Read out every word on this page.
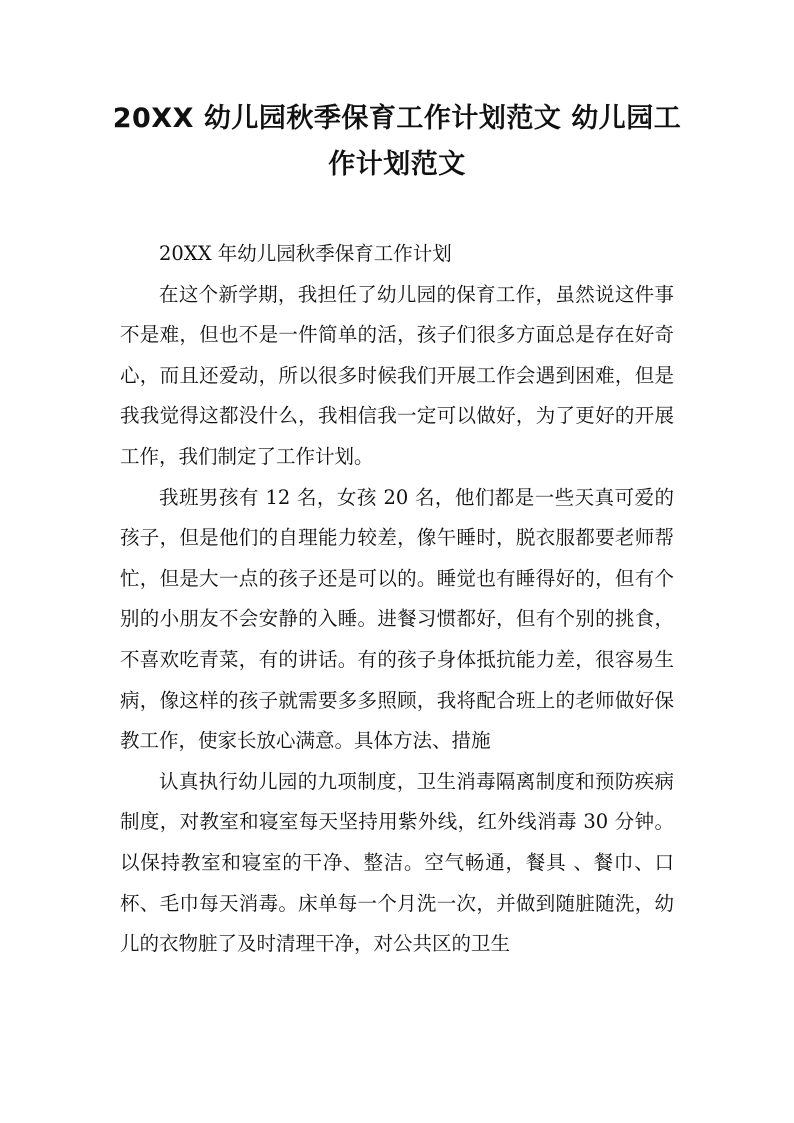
20XX 幼儿园秋季保育工作计划范文 幼儿园工作计划范文

20XX 年幼儿园秋季保育工作计划

在这个新学期，我担任了幼儿园的保育工作，虽然说这件事不是难，但也不是一件简单的活，孩子们很多方面总是存在好奇心，而且还爱动，所以很多时候我们开展工作会遇到困难，但是我我觉得这都没什么，我相信我一定可以做好，为了更好的开展工作，我们制定了工作计划。

我班男孩有 12 名，女孩 20 名，他们都是一些天真可爱的孩子，但是他们的自理能力较差，像午睡时，脱衣服都要老师帮忙，但是大一点的孩子还是可以的。睡觉也有睡得好的，但有个别的小朋友不会安静的入睡。进餐习惯都好，但有个别的挑食，不喜欢吃青菜，有的讲话。有的孩子身体抵抗能力差，很容易生病，像这样的孩子就需要多多照顾，我将配合班上的老师做好保教工作，使家长放心满意。具体方法、措施

认真执行幼儿园的九项制度，卫生消毒隔离制度和预防疾病制度，对教室和寝室每天坚持用紫外线，红外线消毒 30 分钟。以保持教室和寝室的干净、整洁。空气畅通，餐具 、餐巾、口杯、毛巾每天消毒。床单每一个月洗一次，并做到随脏随洗，幼儿的衣物脏了及时清理干净，对公共区的卫生
